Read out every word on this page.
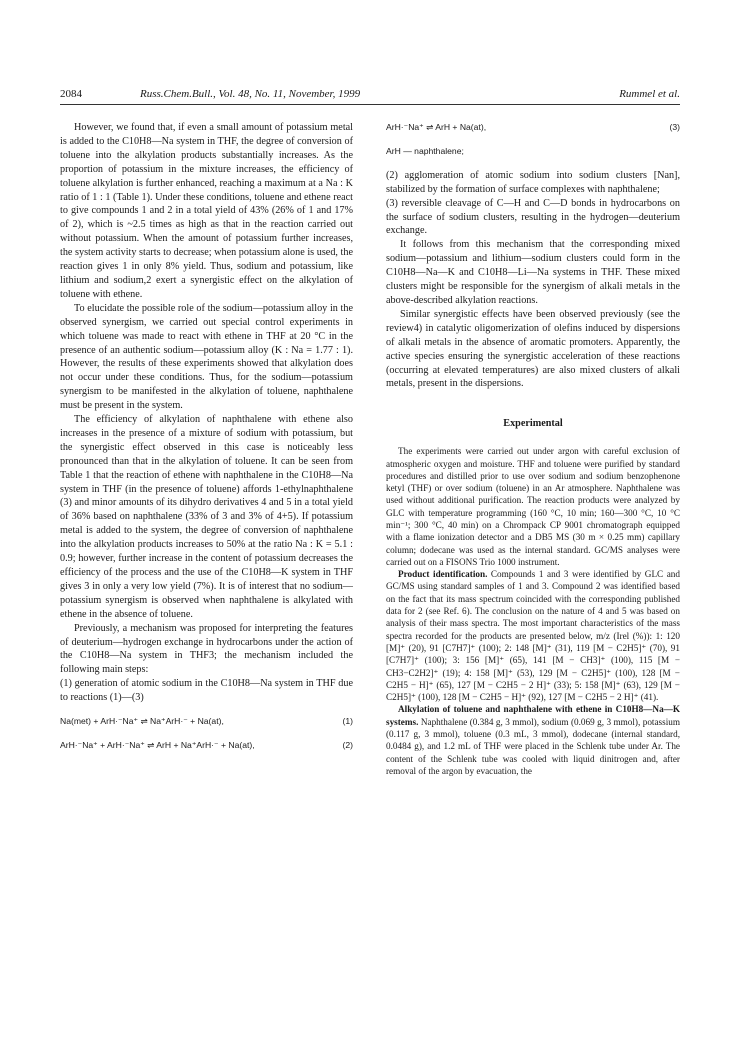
2084	Russ.Chem.Bull., Vol. 48, No. 11, November, 1999	Rummel et al.

However, we found that, if even a small amount of potassium metal is added to the C10H8—Na system in THF, the degree of conversion of toluene into the alkylation products substantially increases. As the proportion of potassium in the mixture increases, the efficiency of toluene alkylation is further enhanced, reaching a maximum at a Na : K ratio of 1 : 1 (Table 1). Under these conditions, toluene and ethene react to give compounds 1 and 2 in a total yield of 43% (26% of 1 and 17% of 2), which is ~2.5 times as high as that in the reaction carried out without potassium. When the amount of potassium further increases, the system activity starts to decrease; when potassium alone is used, the reaction gives 1 in only 8% yield. Thus, sodium and potassium, like lithium and sodium,2 exert a synergistic effect on the alkylation of toluene with ethene.

To elucidate the possible role of the sodium—potassium alloy in the observed synergism, we carried out special control experiments in which toluene was made to react with ethene in THF at 20 °C in the presence of an authentic sodium—potassium alloy (K : Na = 1.77 : 1). However, the results of these experiments showed that alkylation does not occur under these conditions. Thus, for the sodium—potassium synergism to be manifested in the alkylation of toluene, naphthalene must be present in the system.

The efficiency of alkylation of naphthalene with ethene also increases in the presence of a mixture of sodium with potassium, but the synergistic effect observed in this case is noticeably less pronounced than that in the alkylation of toluene. It can be seen from Table 1 that the reaction of ethene with naphthalene in the C10H8—Na system in THF (in the presence of toluene) affords 1-ethylnaphthalene (3) and minor amounts of its dihydro derivatives 4 and 5 in a total yield of 36% based on naphthalene (33% of 3 and 3% of 4+5). If potassium metal is added to the system, the degree of conversion of naphthalene into the alkylation products increases to 50% at the ratio Na : K = 5.1 : 0.9; however, further increase in the content of potassium decreases the efficiency of the process and the use of the C10H8—K system in THF gives 3 in only a very low yield (7%). It is of interest that no sodium—potassium synergism is observed when naphthalene is alkylated with ethene in the absence of toluene.

Previously, a mechanism was proposed for interpreting the features of deuterium—hydrogen exchange in hydrocarbons under the action of the C10H8—Na system in THF3; the mechanism included the following main steps:

(1) generation of atomic sodium in the C10H8—Na system in THF due to reactions (1)—(3)

Na(met) + ArH·⁻Na⁺ ⇌ Na⁺ArH·⁻ + Na(at),	(1)
ArH·⁻Na⁺ + ArH·⁻Na⁺ ⇌ ArH + Na⁺ArH·⁻ + Na(at),	(2)
ArH·⁻Na⁺ ⇌ ArH + Na(at),	(3)

ArH — naphthalene;

(2) agglomeration of atomic sodium into sodium clusters [Nan], stabilized by the formation of surface complexes with naphthalene;

(3) reversible cleavage of C—H and C—D bonds in hydrocarbons on the surface of sodium clusters, resulting in the hydrogen—deuterium exchange.

It follows from this mechanism that the corresponding mixed sodium—potassium and lithium—sodium clusters could form in the C10H8—Na—K and C10H8—Li—Na systems in THF. These mixed clusters might be responsible for the synergism of alkali metals in the above-described alkylation reactions.

Similar synergistic effects have been observed previously (see the review4) in catalytic oligomerization of olefins induced by dispersions of alkali metals in the absence of aromatic promoters. Apparently, the active species ensuring the synergistic acceleration of these reactions (occurring at elevated temperatures) are also mixed clusters of alkali metals, present in the dispersions.

Experimental

The experiments were carried out under argon with careful exclusion of atmospheric oxygen and moisture. THF and toluene were purified by standard procedures and distilled prior to use over sodium and sodium benzophenone ketyl (THF) or over sodium (toluene) in an Ar atmosphere. Naphthalene was used without additional purification. The reaction products were analyzed by GLC with temperature programming (160 °C, 10 min; 160—300 °C, 10 °C min⁻¹; 300 °C, 40 min) on a Chrompack CP 9001 chromatograph equipped with a flame ionization detector and a DB5 MS (30 m × 0.25 mm) capillary column; dodecane was used as the internal standard. GC/MS analyses were carried out on a FISONS Trio 1000 instrument.

Product identification. Compounds 1 and 3 were identified by GLC and GC/MS using standard samples of 1 and 3. Compound 2 was identified based on the fact that its mass spectrum coincided with the corresponding published data for 2 (see Ref. 6). The conclusion on the nature of 4 and 5 was based on analysis of their mass spectra. The most important characteristics of the mass spectra recorded for the products are presented below, m/z (Irel (%)): 1: 120 [M]⁺ (20), 91 [C7H7]⁺ (100); 2: 148 [M]⁺ (31), 119 [M − C2H5]⁺ (70), 91 [C7H7]⁺ (100); 3: 156 [M]⁺ (65), 141 [M − CH3]⁺ (100), 115 [M − CH3−C2H2]⁺ (19); 4: 158 [M]⁺ (53), 129 [M − C2H5]⁺ (100), 128 [M − C2H5 − H]⁺ (65), 127 [M − C2H5 − 2 H]⁺ (33); 5: 158 [M]⁺ (63), 129 [M − C2H5]⁺ (100), 128 [M − C2H5 − H]⁺ (92), 127 [M − C2H5 − 2 H]⁺ (41).

Alkylation of toluene and naphthalene with ethene in C10H8—Na—K systems. Naphthalene (0.384 g, 3 mmol), sodium (0.069 g, 3 mmol), potassium (0.117 g, 3 mmol), toluene (0.3 mL, 3 mmol), dodecane (internal standard, 0.0484 g), and 1.2 mL of THF were placed in the Schlenk tube under Ar. The content of the Schlenk tube was cooled with liquid dinitrogen and, after removal of the argon by evacuation, the
